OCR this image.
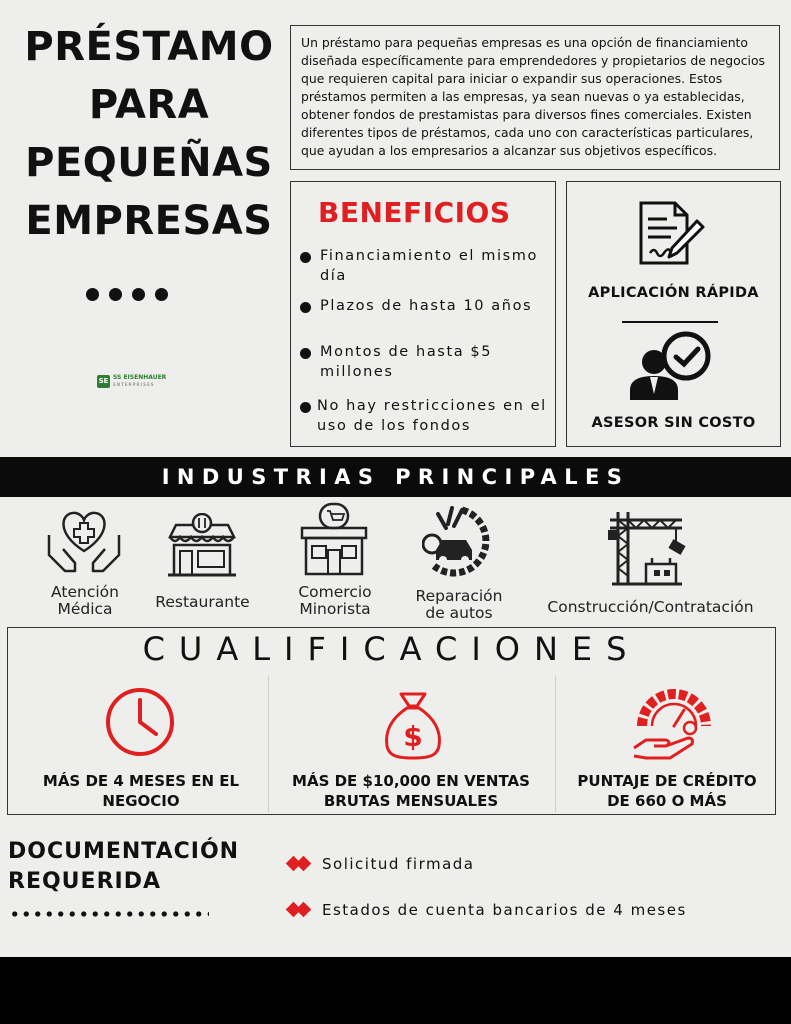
PRÉSTAMO
PARA
PEQUEÑAS
EMPRESAS
SE SS EISENHAUER
ENTERPRISES
Un préstamo para pequeñas empresas es una opción de financiamiento diseñada específicamente para emprendedores y propietarios de negocios que requieren capital para iniciar o expandir sus operaciones. Estos préstamos permiten a las empresas, ya sean nuevas o ya establecidas, obtener fondos de prestamistas para diversos fines comerciales. Existen diferentes tipos de préstamos, cada uno con características particulares, que ayudan a los empresarios a alcanzar sus objetivos específicos.
BENEFICIOS
Financiamiento el mismo día
Plazos de hasta 10 años
Montos de hasta $5 millones
No hay restricciones en el uso de los fondos
APLICACIÓN RÁPIDA
ASESOR SIN COSTO
INDUSTRIAS PRINCIPALES
Atención
Médica	Restaurante
Comercio
Minorista
Reparación
de autos	Construcción/Contratación
CUALIFICACIONES
$
MÁS DE 4 MESES EN EL
NEGOCIO
MÁS DE $10,000 EN VENTAS
BRUTAS MENSUALES
PUNTAJE DE CRÉDITO
DE 660 O MÁS
DOCUMENTACIÓN
REQUERIDA
Solicitud firmada
Estados de cuenta bancarios de 4 meses
